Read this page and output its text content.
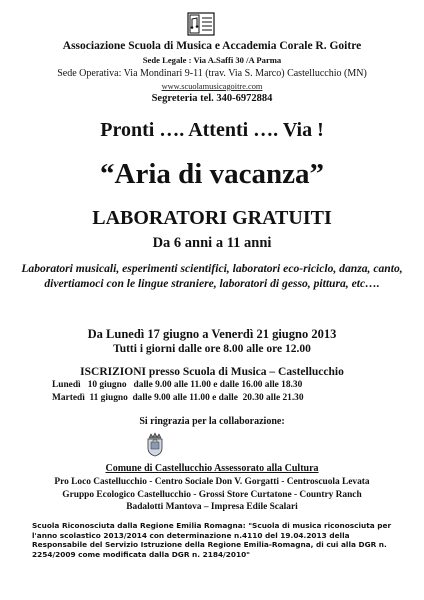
Associazione Scuola di Musica e Accademia Corale R. Goitre
Sede Legale : Via A.Saffi 30 /A Parma
Sede Operativa: Via Mondinari 9-11 (trav. Via S. Marco) Castellucchio (MN)
www.scuolamusicagoitre.com
Segreteria tel. 340-6972884
Pronti …. Attenti …. Via !
“Aria di vacanza”
LABORATORI GRATUITI
Da 6 anni a 11 anni
Laboratori musicali, esperimenti scientifici, laboratori eco-riciclo, danza, canto, divertiamoci con le lingue straniere, laboratori di gesso, pittura, etc….
Da Lunedì 17 giugno a Venerdì 21 giugno 2013
Tutti i giorni dalle ore 8.00 alle ore 12.00
ISCRIZIONI presso Scuola di Musica – Castellucchio
Lunedì   10 giugno   dalle 9.00 alle 11.00 e dalle 16.00 alle 18.30
Martedì  11 giugno  dalle 9.00 alle 11.00 e dalle  20.30 alle 21.30
Si ringrazia per la collaborazione:
Comune di Castellucchio Assessorato alla Cultura
Pro Loco Castellucchio - Centro Sociale Don V. Gorgatti - Centroscuola Levata
Gruppo Ecologico Castellucchio - Grossi Store Curtatone - Country Ranch
Badalotti Mantova – Impresa Edile Scalari
Scuola Riconosciuta dalla Regione Emilia Romagna: "Scuola di musica riconosciuta per l'anno scolastico 2013/2014 con determinazione n.4110 del 19.04.2013 della Responsabile del Servizio Istruzione della Regione Emilia-Romagna, di cui alla DGR n. 2254/2009 come modificata dalla DGR n. 2184/2010"
